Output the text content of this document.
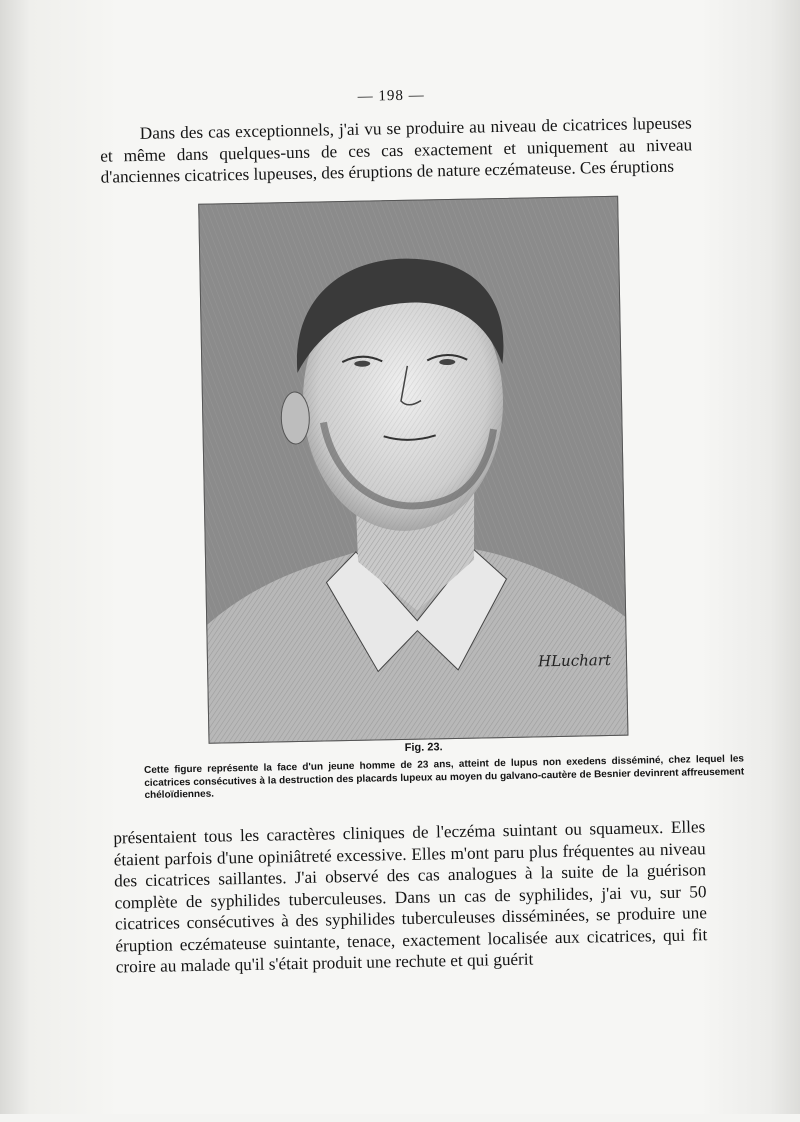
— 198 —
Dans des cas exceptionnels, j'ai vu se produire au niveau de cicatrices lupeuses et même dans quelques-uns de ces cas exactement et uniquement au niveau d'anciennes cicatrices lupeuses, des éruptions de nature eczémateuse. Ces éruptions
HLuchart
Fig. 23.
Cette figure représente la face d'un jeune homme de 23 ans, atteint de lupus non exedens disséminé, chez lequel les cicatrices consécutives à la destruction des placards lupeux au moyen du galvano-cautère de Besnier devinrent affreusement chéloïdiennes.
présentaient tous les caractères cliniques de l'eczéma suintant ou squameux. Elles étaient parfois d'une opiniâtreté excessive. Elles m'ont paru plus fréquentes au niveau des cicatrices saillantes. J'ai observé des cas analogues à la suite de la guérison complète de syphilides tuberculeuses. Dans un cas de syphilides, j'ai vu, sur 50 cicatrices consécutives à des syphilides tuberculeuses disséminées, se produire une éruption eczémateuse suintante, tenace, exactement localisée aux cicatrices, qui fit croire au malade qu'il s'était produit une rechute et qui guérit
